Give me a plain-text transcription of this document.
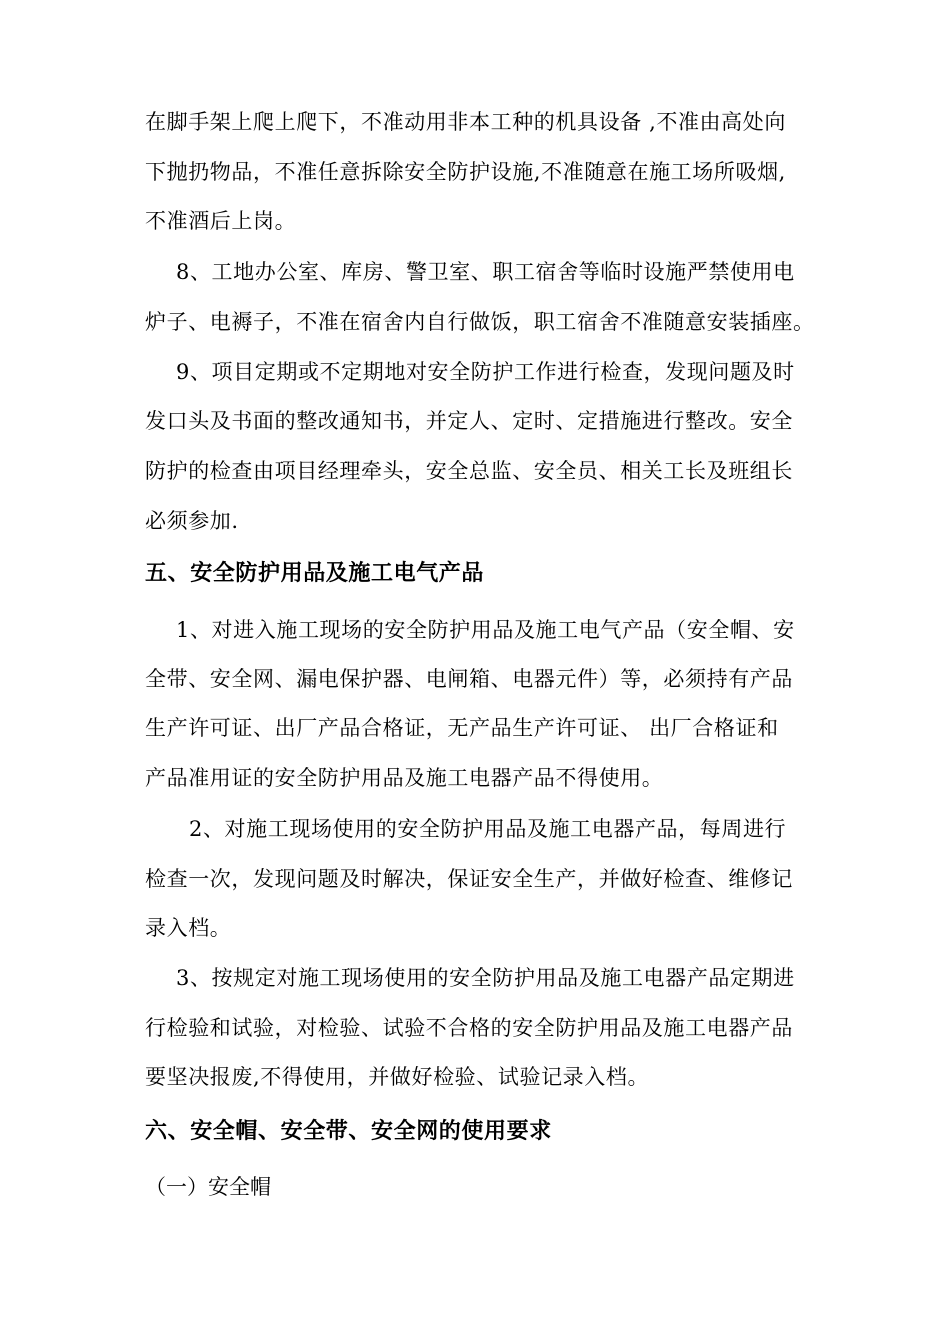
在脚手架上爬上爬下，不准动用非本工种的机具设备 ,不准由高处向
下抛扔物品，不准任意拆除安全防护设施,不准随意在施工场所吸烟,
不准酒后上岗。
8、工地办公室、库房、警卫室、职工宿舍等临时设施严禁使用电
炉子、电褥子，不准在宿舍内自行做饭，职工宿舍不准随意安装插座。
9、项目定期或不定期地对安全防护工作进行检查，发现问题及时
发口头及书面的整改通知书，并定人、定时、定措施进行整改。安全
防护的检查由项目经理牵头，安全总监、安全员、相关工长及班组长
必须参加.
五、安全防护用品及施工电气产品
1、对进入施工现场的安全防护用品及施工电气产品（安全帽、安
全带、安全网、漏电保护器、电闸箱、电器元件）等，必须持有产品
生产许可证、出厂产品合格证，无产品生产许可证、 出厂合格证和
产品准用证的安全防护用品及施工电器产品不得使用。
2、对施工现场使用的安全防护用品及施工电器产品，每周进行
检查一次，发现问题及时解决，保证安全生产，并做好检查、维修记
录入档。
3、按规定对施工现场使用的安全防护用品及施工电器产品定期进
行检验和试验，对检验、试验不合格的安全防护用品及施工电器产品
要坚决报废,不得使用，并做好检验、试验记录入档。
六、安全帽、安全带、安全网的使用要求
（一）安全帽
